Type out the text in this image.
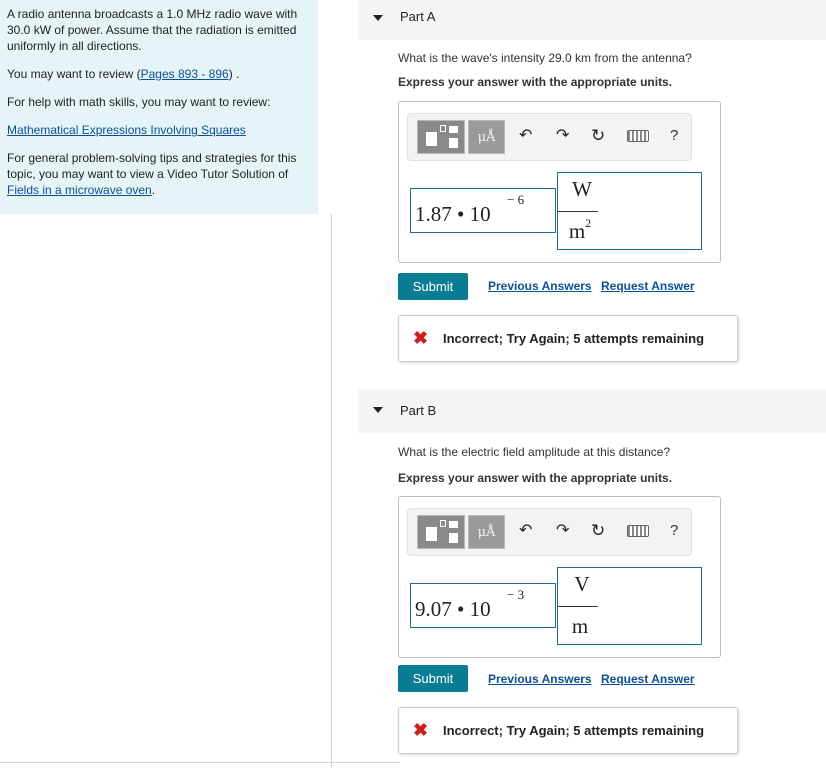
A radio antenna broadcasts a 1.0 MHz radio wave with 30.0 kW of power. Assume that the radiation is emitted uniformly in all directions.

You may want to review (Pages 893 - 896) .

For help with math skills, you may want to review:

Mathematical Expressions Involving Squares

For general problem-solving tips and strategies for this topic, you may want to view a Video Tutor Solution of Fields in a microwave oven.

Part A
What is the wave's intensity 29.0 km from the antenna?
Express your answer with the appropriate units.
μÅ	↶ ↷ ↻	?
1.87 • 10
− 6 W
$m^2$
Submit	Previous Answers Request Answer
✖ Incorrect; Try Again; 5 attempts remaining
Part B
What is the electric field amplitude at this distance?
Express your answer with the appropriate units.
μÅ	↶ ↷ ↻	?
9.07 • 10
− 3	V
m
Submit	Previous Answers Request Answer
✖ Incorrect; Try Again; 5 attempts remaining
